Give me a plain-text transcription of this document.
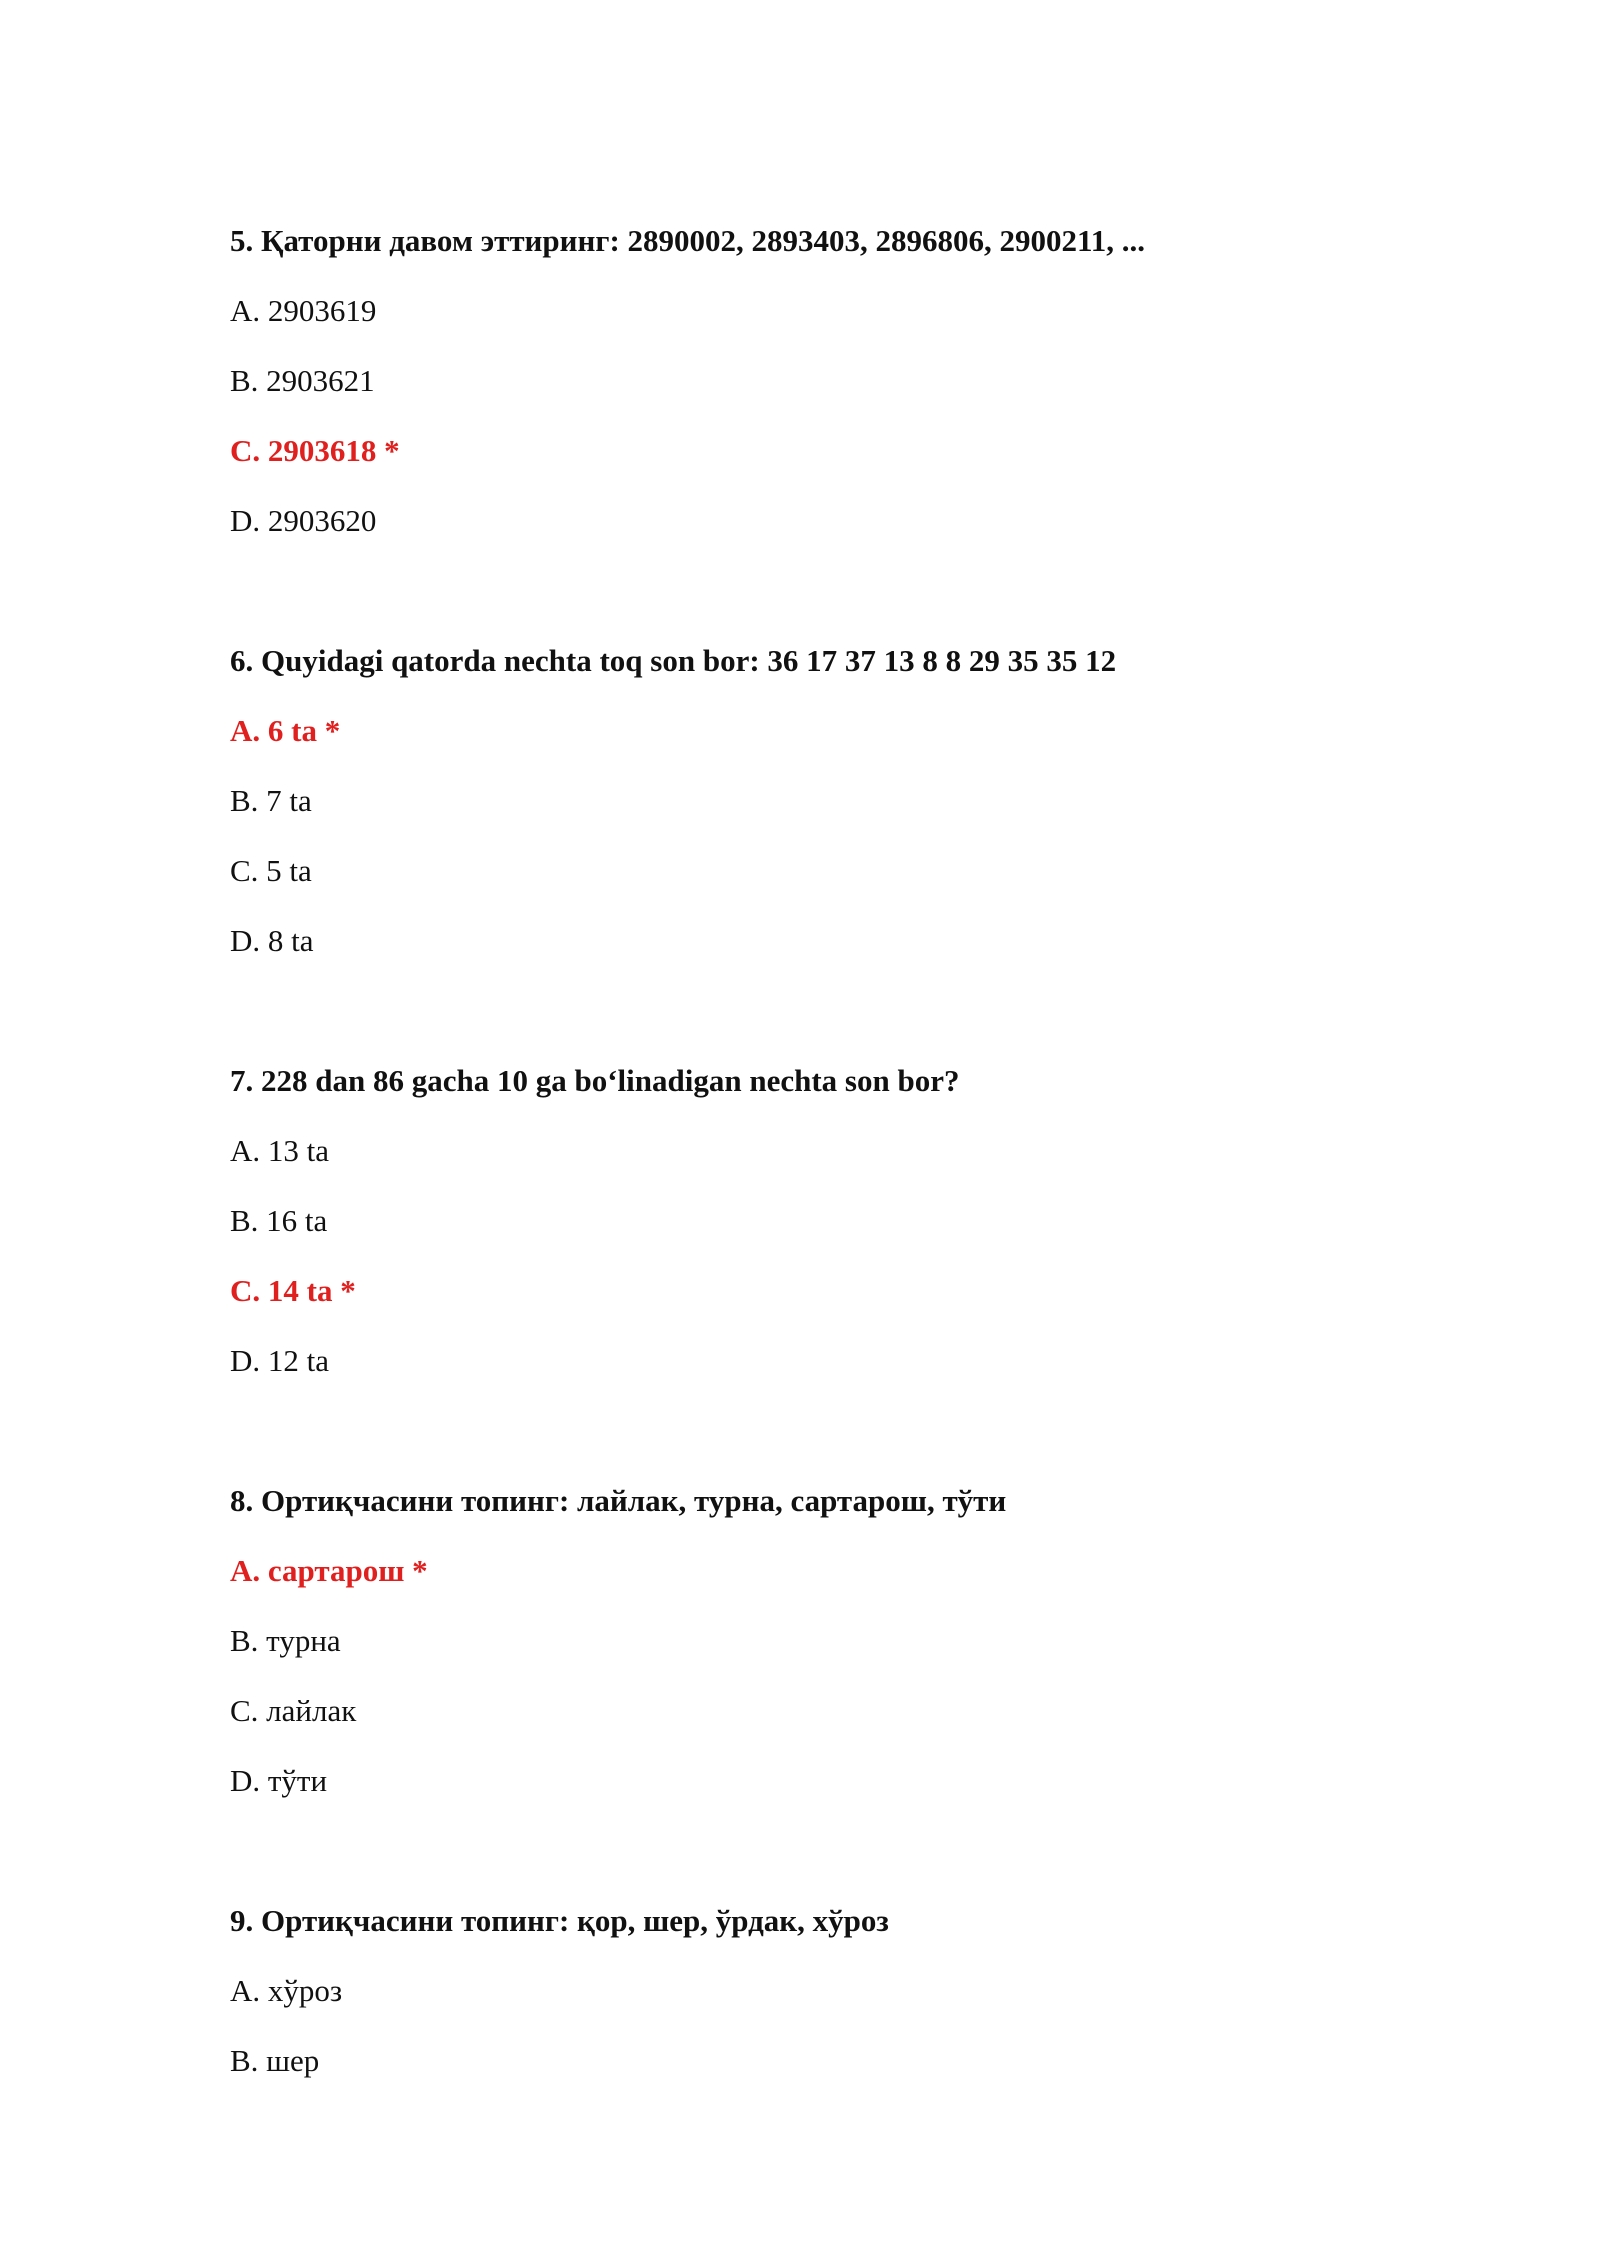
5. Қаторни давом эттиринг: 2890002, 2893403, 2896806, 2900211, ...
A. 2903619
B. 2903621
C. 2903618 *
D. 2903620
6. Quyidagi qatorda nechta toq son bor: 36 17 37 13 8 8 29 35 35 12
A. 6 ta *
B. 7 ta
C. 5 ta
D. 8 ta
7. 228 dan 86 gacha 10 ga bo‘linadigan nechta son bor?
A. 13 ta
B. 16 ta
C. 14 ta *
D. 12 ta
8. Ортиқчасини топинг: лайлак, турна, сартарош, тўти
A. сартарош *
B. турна
C. лайлак
D. тўти
9. Ортиқчасини топинг: қор, шер, ўрдак, хўроз
A. хўроз
B. шер
